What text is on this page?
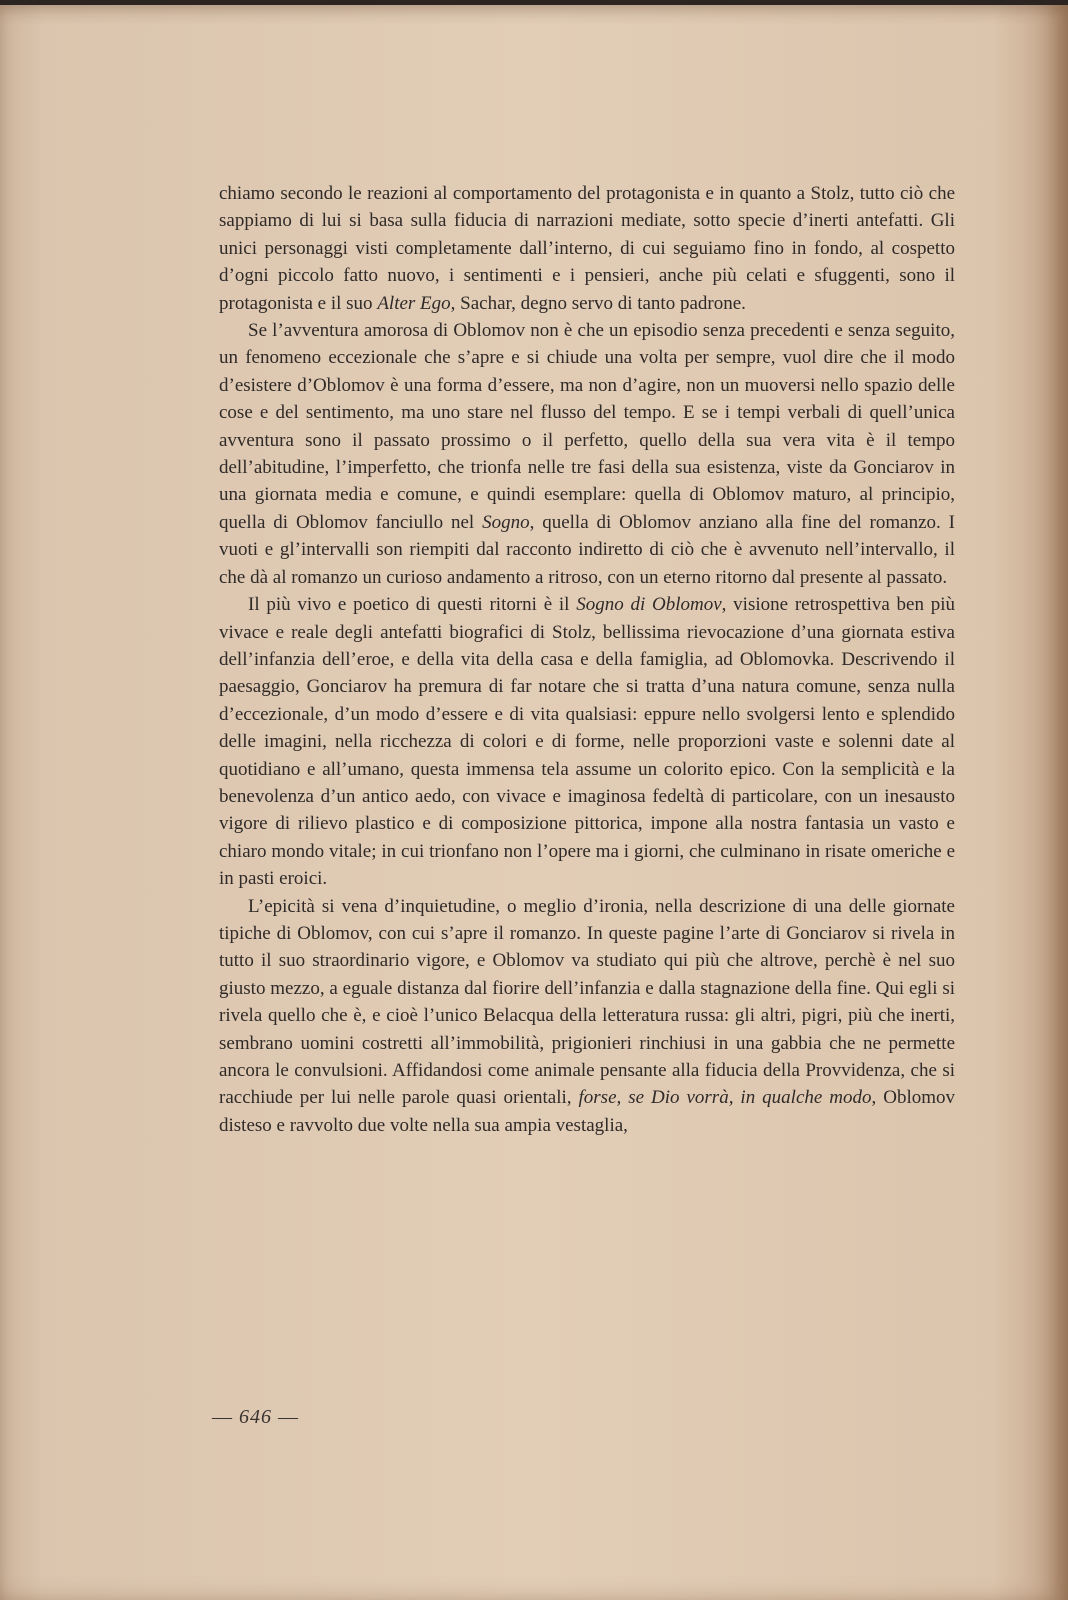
chiamo secondo le reazioni al comportamento del protagonista e in quanto a Stolz, tutto ciò che sappiamo di lui si basa sulla fiducia di narrazioni mediate, sotto specie d’inerti antefatti. Gli unici personaggi visti completamente dall’interno, di cui seguiamo fino in fondo, al cospetto d’ogni piccolo fatto nuovo, i sentimenti e i pensieri, anche più celati e sfuggenti, sono il protagonista e il suo Alter Ego, Sachar, degno servo di tanto padrone.

Se l’avventura amorosa di Oblomov non è che un episodio senza precedenti e senza seguito, un fenomeno eccezionale che s’apre e si chiude una volta per sempre, vuol dire che il modo d’esistere d’Oblomov è una forma d’essere, ma non d’agire, non un muoversi nello spazio delle cose e del sentimento, ma uno stare nel flusso del tempo. E se i tempi verbali di quell’unica avventura sono il passato prossimo o il perfetto, quello della sua vera vita è il tempo dell’abitudine, l’imperfetto, che trionfa nelle tre fasi della sua esistenza, viste da Gonciarov in una giornata media e comune, e quindi esemplare: quella di Oblomov maturo, al principio, quella di Oblomov fanciullo nel Sogno, quella di Oblomov anziano alla fine del romanzo. I vuoti e gl’intervalli son riempiti dal racconto indiretto di ciò che è avvenuto nell’intervallo, il che dà al romanzo un curioso andamento a ritroso, con un eterno ritorno dal presente al passato.

Il più vivo e poetico di questi ritorni è il Sogno di Oblomov, visione retrospettiva ben più vivace e reale degli antefatti biografici di Stolz, bellissima rievocazione d’una giornata estiva dell’infanzia dell’eroe, e della vita della casa e della famiglia, ad Oblomovka. Descrivendo il paesaggio, Gonciarov ha premura di far notare che si tratta d’una natura comune, senza nulla d’eccezionale, d’un modo d’essere e di vita qualsiasi: eppure nello svolgersi lento e splendido delle imagini, nella ricchezza di colori e di forme, nelle proporzioni vaste e solenni date al quotidiano e all’umano, questa immensa tela assume un colorito epico. Con la semplicità e la benevolenza d’un antico aedo, con vivace e imaginosa fedeltà di particolare, con un inesausto vigore di rilievo plastico e di composizione pittorica, impone alla nostra fantasia un vasto e chiaro mondo vitale; in cui trionfano non l’opere ma i giorni, che culminano in risate omeriche e in pasti eroici.

L’epicità si vena d’inquietudine, o meglio d’ironia, nella descrizione di una delle giornate tipiche di Oblomov, con cui s’apre il romanzo. In queste pagine l’arte di Gonciarov si rivela in tutto il suo straordinario vigore, e Oblomov va studiato qui più che altrove, perchè è nel suo giusto mezzo, a eguale distanza dal fiorire dell’infanzia e dalla stagnazione della fine. Qui egli si rivela quello che è, e cioè l’unico Belacqua della letteratura russa: gli altri, pigri, più che inerti, sembrano uomini costretti all’immobilità, prigionieri rinchiusi in una gabbia che ne permette ancora le convulsioni. Affidandosi come animale pensante alla fiducia della Provvidenza, che si racchiude per lui nelle parole quasi orientali, forse, se Dio vorrà, in qualche modo, Oblomov disteso e ravvolto due volte nella sua ampia vestaglia,

— 646 —
